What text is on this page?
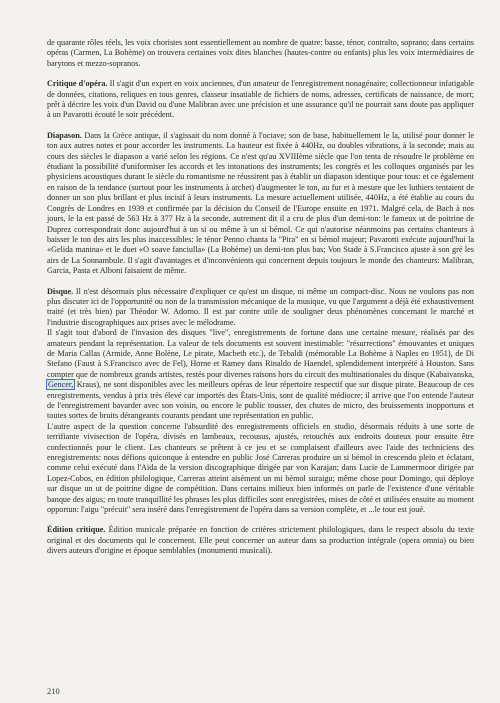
de quarante rôles réels, les voix choristes sont essentiellement au nombre de quatre: basse, ténor, contralto, soprano; dans certains opéras (Carmen, La Bohème) on trouvera certaines voix dites blanches (hautes-contre ou enfants) plus les voix intermédiaires de barytons et mezzo-sopranos.

Critique d'opéra. Il s'agit d'un expert en voix anciennes, d'un amateur de l'enregistrement nonagénaire; collectionneur infatigable de données, citations, reliques en tous genres, classeur insatiable de fichiers de noms, adresses, certificats de naissance, de mort; prêt à décrire les voix d'un David ou d'une Malibran avec une précision et une assurance qu'il ne pourrait sans doute pas appliquer à un Pavarotti écouté le soir précédent.

Diapason. Dans la Grèce antique, il s'agissait du nom donné à l'octave; son de base, habituellement le la, utilisé pour donner le ton aux autres notes et pour accorder les instruments. La hauteur est fixée à 440Hz, ou doubles vibrations, à la seconde; mais au cours des siècles le diapason a varié selon les régions. Ce n'est qu'au XVIIIème siècle que l'on tenta de résoudre le problème en étudiant la possibilité d'uniformiser les accords et les intonations des instruments; les congrès et les colloques organisés par les physiciens acoustiques durant le siècle du romantisme ne réussirent pas à établir un diapason identique pour tous: et ce également en raison de la tendance (surtout pour les instruments à archet) d'augmenter le ton, au fur et à mesure que les luthiers tentaient de donner un son plus brillant et plus incisif à leurs instruments. La mesure actuellement utilisée, 440Hz, a été établie au cours du Congrès de Londres en 1939 et confirmée par la décision du Conseil de l'Europe ensuite en 1971. Malgré cela, de Bach à nos jours, le la est passé de 563 Hz à 377 Hz à la seconde, autrement dit il a cru de plus d'un demi-ton: le fameux ut de poitrine de Duprez correspondrait donc aujourd'hui à un si ou même à un si bémol. Ce qui n'autorise néanmoins pas certains chanteurs à baisser le ton des airs les plus inaccessibles: le ténor Penno chanta la "Pira" en si bémol majeur; Pavarotti exécute aujourd'hui la «Gelida manina» et le duet «O soave fanciulla» (La Bohème) un demi-ton plus bas; Von Stade à S.Francisco ajuste à son gré les airs de La Sonnambule. Il s'agit d'avantages et d'inconvénients qui concernent depuis toujours le monde des chanteurs: Malibran, Garcia, Pasta et Alboni faisaient de même.

Disque. Il n'est désormais plus nécessaire d'expliquer ce qu'est un disque, ni même un compact-disc. Nous ne voulons pas non plus discuter ici de l'opportunité ou non de la transmission mécanique de la musique, vu que l'argument a déjà été exhaustivement traité (et très bien) par Théodor W. Adorno. Il est par contre utile de souligner deux phénomènes concernant le marché et l'industrie discographiques aux prises avec le mélodrame.

Il s'agit tout d'abord de l'invasion des disques "live", enregistrements de fortune dans une certaine mesure, réalisés par des amateurs pendant la représentation. La valeur de tels documents est souvent inestimable: "résurrections" émouvantes et uniques de Maria Callas (Armide, Anne Bolène, Le pirate, Macbeth etc.), de Tebaldi (mémorable La Bohème à Naples en 1951), de Di Stefano (Faust à S.Francisco avec de Fel), Horne et Ramey dans Rinaldo de Haendel, splendidement interprété à Houston. Sans compter que de nombreux grands artistes, restés pour diverses raisons hors du circuit des multinationales du disque (Kabaivanska, Gencer, Kraus), ne sont disponibles avec les meilleurs opéras de leur répertoire respectif que sur disque pirate. Beaucoup de ces enregistrements, vendus à prix très élevé car importés des États-Unis, sont de qualité médiocre; il arrive que l'on entende l'auteur de l'enregistrement bavarder avec son voisin, ou encore le public tousser, des chutes de micro, des bruissements inopportuns et toutes sortes de bruits dérangeants courants pendant une représentation en public.

L'autre aspect de la question concerne l'absurdité des enregistrements officiels en studio, désormais réduits à une sorte de terrifiante vivisection de l'opéra, divisés en lambeaux, recousus, ajustés, retouchés aux endroits douteux pour ensuite être confectionnés pour le client. Les chanteurs se prêtent à ce jeu et se complaisent d'ailleurs avec l'aide des techniciens des enregistrements: nous défions quiconque à entendre en public José Carreras produire un si bémol in crescendo plein et éclatant, comme celui exécuté dans l'Aida de la version discographique dirigée par von Karajan; dans Lucie de Lammermoor dirigée par Lopez-Cobos, en édition philologique, Carreras atteint aisément un mi bémol suraigu; même chose pour Domingo, qui déploye sur disque un ut de poitrine digne de compétition. Dans certains milieux bien informés on parle de l'existence d'une véritable banque des aigus; en toute tranquillité les phrases les plus difficiles sont enregistrées, mises de côté et utilisées ensuite au moment opportun: l'aigu "précuit" sera inséré dans l'enregistrement de l'opéra dans sa version complète, et ...le tour est joué.

Édition critique. Édition musicale préparée en fonction de critères strictement philologiques, dans le respect absolu du texte original et des documents qui le concernent. Elle peut concerner un auteur dans sa production intégrale (opera omnia) ou bien divers auteurs d'origine et époque semblables (monumenti musicali).

210
